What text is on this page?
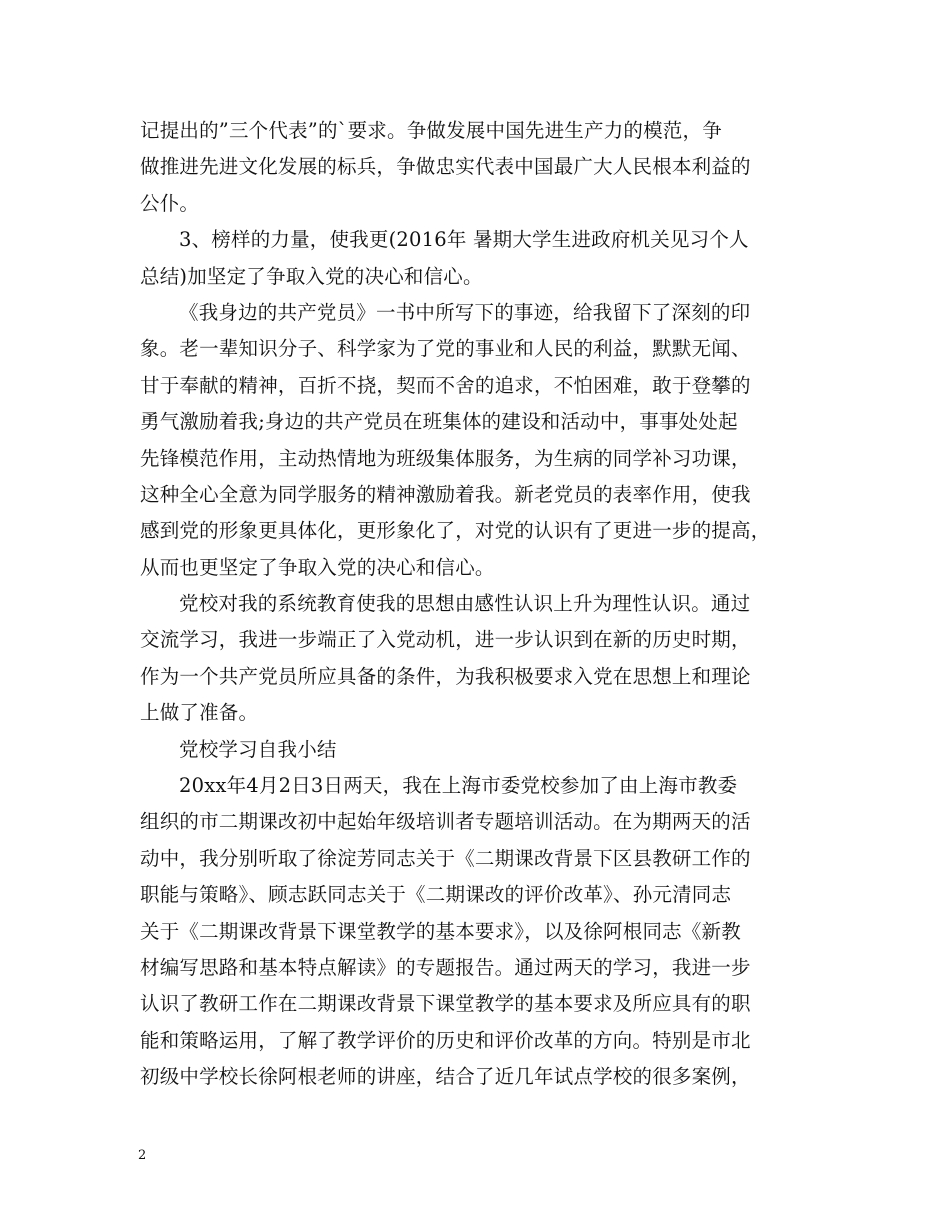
记提出的”三个代表”的`要求。争做发展中国先进生产力的模范，争
做推进先进文化发展的标兵，争做忠实代表中国最广大人民根本利益的
公仆。
3、榜样的力量，使我更(2016年 暑期大学生进政府机关见习个人
总结)加坚定了争取入党的决心和信心。
《我身边的共产党员》一书中所写下的事迹，给我留下了深刻的印
象。老一辈知识分子、科学家为了党的事业和人民的利益，默默无闻、
甘于奉献的精神，百折不挠，契而不舍的追求，不怕困难，敢于登攀的
勇气激励着我;身边的共产党员在班集体的建设和活动中，事事处处起
先锋模范作用，主动热情地为班级集体服务，为生病的同学补习功课，
这种全心全意为同学服务的精神激励着我。新老党员的表率作用，使我
感到党的形象更具体化，更形象化了，对党的认识有了更进一步的提高，
从而也更坚定了争取入党的决心和信心。
党校对我的系统教育使我的思想由感性认识上升为理性认识。通过
交流学习，我进一步端正了入党动机，进一步认识到在新的历史时期，
作为一个共产党员所应具备的条件，为我积极要求入党在思想上和理论
上做了准备。
党校学习自我小结
20xx年4月2日3日两天，我在上海市委党校参加了由上海市教委
组织的市二期课改初中起始年级培训者专题培训活动。在为期两天的活
动中，我分别听取了徐淀芳同志关于《二期课改背景下区县教研工作的
职能与策略》、顾志跃同志关于《二期课改的评价改革》、孙元清同志
关于《二期课改背景下课堂教学的基本要求》，以及徐阿根同志《新教
材编写思路和基本特点解读》的专题报告。通过两天的学习，我进一步
认识了教研工作在二期课改背景下课堂教学的基本要求及所应具有的职
能和策略运用，了解了教学评价的历史和评价改革的方向。特别是市北
初级中学校长徐阿根老师的讲座，结合了近几年试点学校的很多案例，
2
